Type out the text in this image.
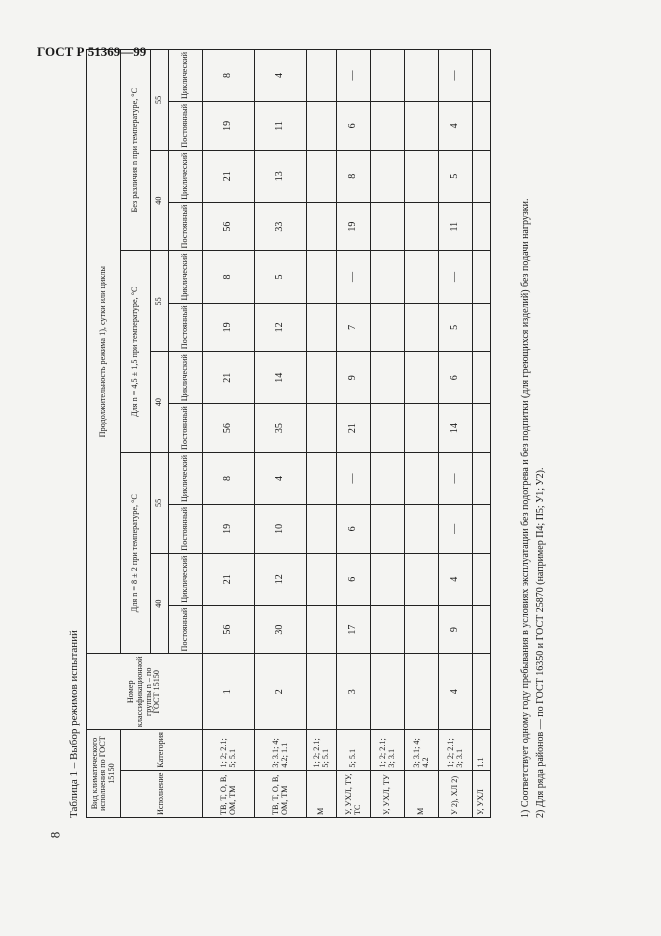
ГОСТ Р 51369—99
8
Таблица 1 – Выбор режимов испытаний Вид климатического исполнения по ГОСТ 15150		Номер классификационной группы n – по ГОСТ 15150	Продолжительность режима 1), сутки или циклы											
Исполнение	Категория		Для n = 8 ± 2 при температуре, °С				Для n = 4,5 ± 1,5 при температуре, °С				Без различия n при температуре, °С			
			40		55		40		55		40		55	
			Постоянный	Циклический	Постоянный	Циклический	Постоянный	Циклический	Постоянный	Циклический	Постоянный	Циклический	Постоянный	Циклический
ТВ, Т, О, В, ОМ, ТМ	1; 2; 2.1; 5; 5.1	1	56	21	19	8	56	21	19	8	56	21	19	8
ТВ, Т, О, В, ОМ, ТМ	3; 3.1; 4; 4.2; 1.1	2	30	12	10	4	35	14	12	5	33	13	11	4
М	1; 2; 2.1; 5; 5.1													
У, УХЛ, ТУ, ТС	5; 5.1	3	17	6	6	—	21	9	7	—	19	8	6	—
У, УХЛ, ТУ	1; 2; 2.1; 3; 3.1													
М	3; 3.1; 4; 4.2													
У 2), ХЛ 2)	1; 2; 2.1; 3; 3.1	4	9	4	—	—	14	6	5	—	11	5	4	—
У, УХЛ	1.1														1) Соответствует одному году пребывания в условиях эксплуатации без подогрева и без подпитки (для греющихся изделий) без подачи нагрузки. 2) Для ряда районов — по ГОСТ 16350 и ГОСТ 25870 (например П4; П5; У1; У2).
